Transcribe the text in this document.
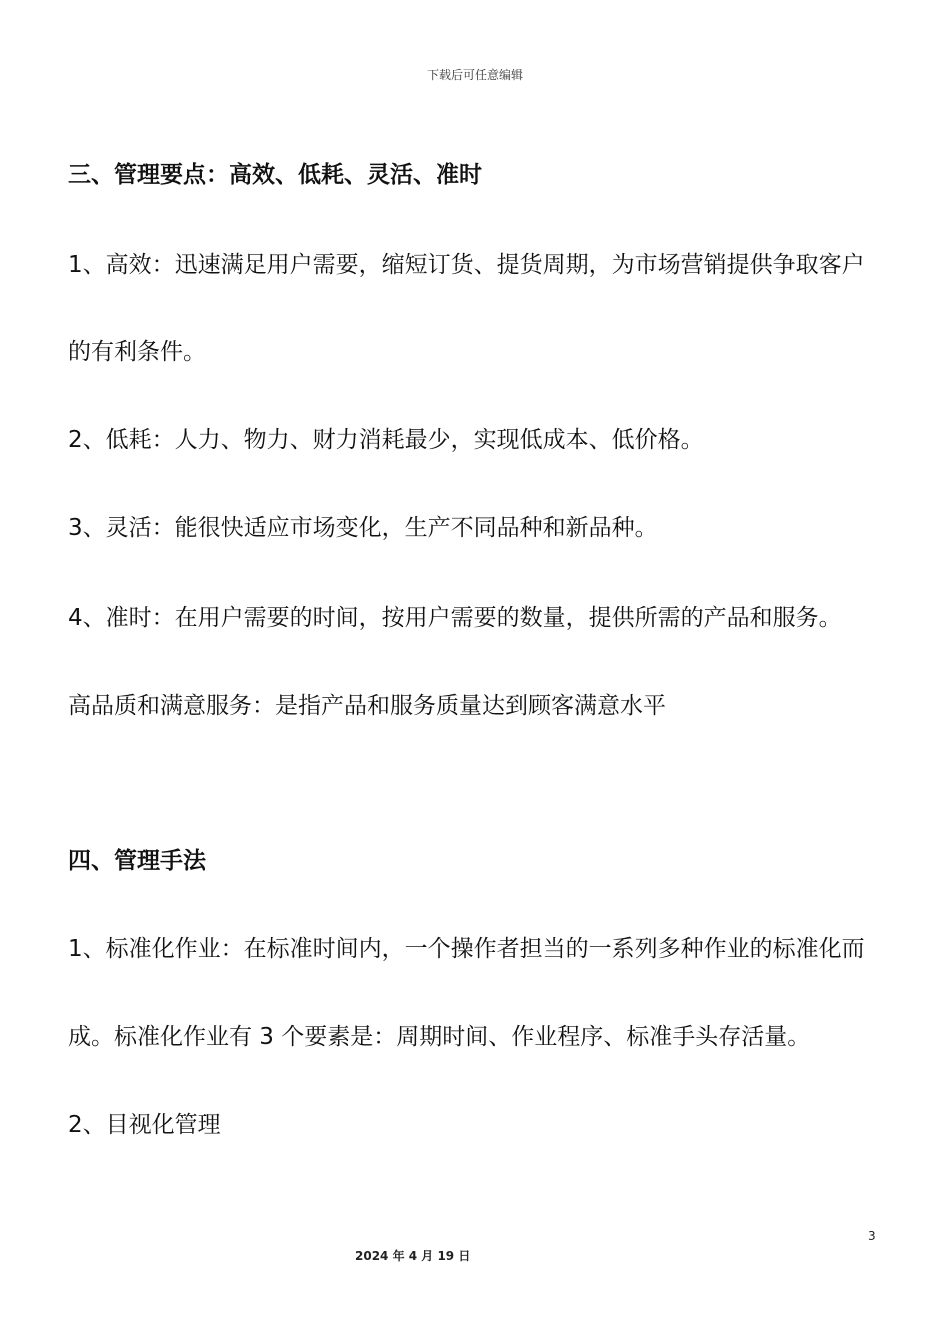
下载后可任意编辑
三、管理要点：高效、低耗、灵活、准时
1、高效：迅速满足用户需要，缩短订货、提货周期，为市场营销提供争取客户
的有利条件。
2、低耗：人力、物力、财力消耗最少，实现低成本、低价格。
3、灵活：能很快适应市场变化，生产不同品种和新品种。
4、准时：在用户需要的时间，按用户需要的数量，提供所需的产品和服务。
高品质和满意服务：是指产品和服务质量达到顾客满意水平
四、管理手法
1、标准化作业：在标准时间内，一个操作者担当的一系列多种作业的标准化而
成。标准化作业有 3 个要素是：周期时间、作业程序、标准手头存活量。
2、目视化管理
3
2024 年 4 月 19 日
